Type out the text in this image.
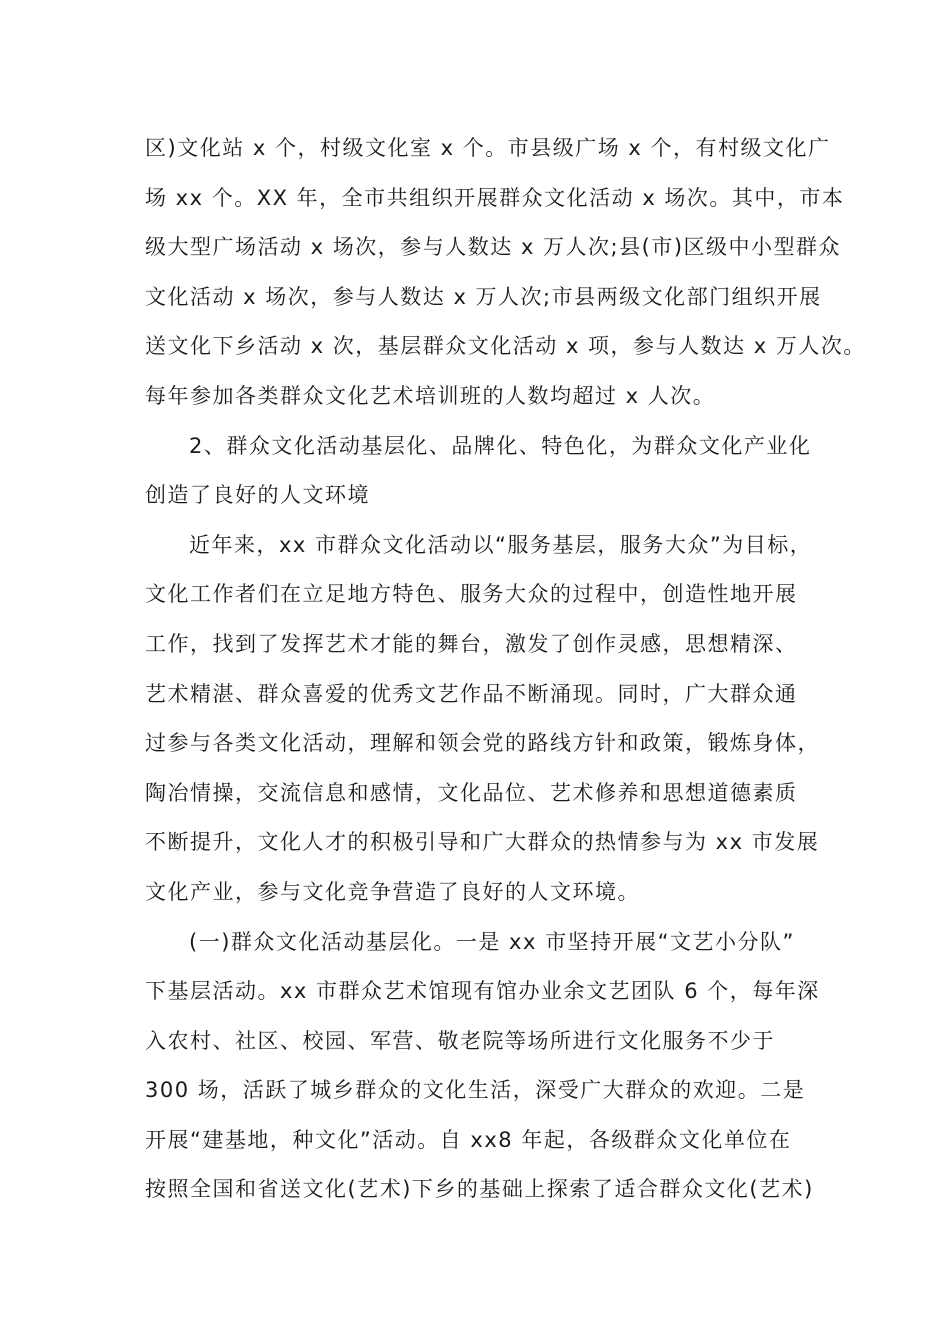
区)文化站 x 个，村级文化室 x 个。市县级广场 x 个，有村级文化广
场 xx 个。XX 年，全市共组织开展群众文化活动 x 场次。其中，市本
级大型广场活动 x 场次，参与人数达 x 万人次;县(市)区级中小型群众
文化活动 x 场次，参与人数达 x 万人次;市县两级文化部门组织开展
送文化下乡活动 x 次，基层群众文化活动 x 项，参与人数达 x 万人次。
每年参加各类群众文化艺术培训班的人数均超过 x 人次。
2、群众文化活动基层化、品牌化、特色化，为群众文化产业化
创造了良好的人文环境
近年来，xx 市群众文化活动以“服务基层，服务大众”为目标，
文化工作者们在立足地方特色、服务大众的过程中，创造性地开展
工作，找到了发挥艺术才能的舞台，激发了创作灵感，思想精深、
艺术精湛、群众喜爱的优秀文艺作品不断涌现。同时，广大群众通
过参与各类文化活动，理解和领会党的路线方针和政策，锻炼身体，
陶冶情操，交流信息和感情，文化品位、艺术修养和思想道德素质
不断提升，文化人才的积极引导和广大群众的热情参与为 xx 市发展
文化产业，参与文化竞争营造了良好的人文环境。
(一)群众文化活动基层化。一是 xx 市坚持开展“文艺小分队”
下基层活动。xx 市群众艺术馆现有馆办业余文艺团队 6 个，每年深
入农村、社区、校园、军营、敬老院等场所进行文化服务不少于
300 场，活跃了城乡群众的文化生活，深受广大群众的欢迎。二是
开展“建基地，种文化”活动。自 xx8 年起，各级群众文化单位在
按照全国和省送文化(艺术)下乡的基础上探索了适合群众文化(艺术)
